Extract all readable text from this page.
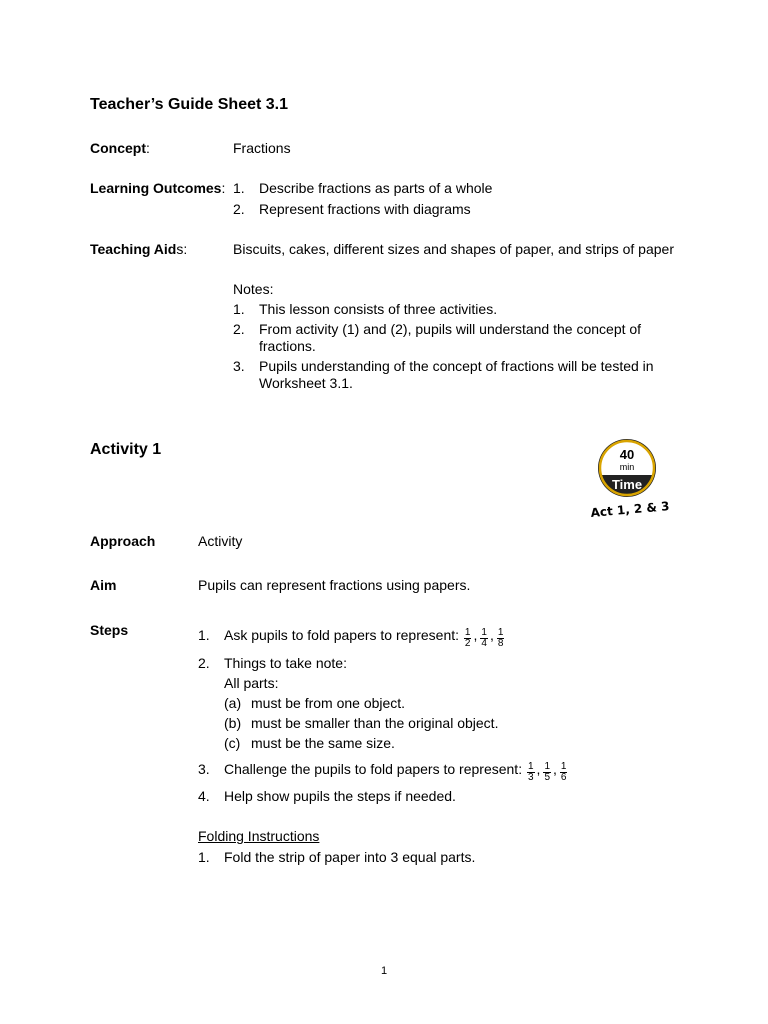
Teacher’s Guide Sheet 3.1
Concept:	Fractions
Learning Outcomes: 1. Describe fractions as parts of a whole
2. Represent fractions with diagrams
Teaching Aids:	Biscuits, cakes, different sizes and shapes of paper, and strips of paper
Notes:
1. This lesson consists of three activities.
2. From activity (1) and (2), pupils will understand the concept of
fractions.
3. Pupils understanding of the concept of fractions will be tested in
Worksheet 3.1.
Activity 1	40
min
Time
Act 1, 2 & 3
Approach	Activity
Aim	Pupils can represent fractions using papers.
Steps	1. Ask pupils to fold papers to represent: $\frac{1}{2}$ , $\frac{1}{4}$ , $\frac{1}{8}$
2. Things to take note:
All parts:
(a) must be from one object.
(b) must be smaller than the original object.
(c) must be the same size.
3. Challenge the pupils to fold papers to represent: $\frac{1}{3}$ , $\frac{1}{5}$ , $\frac{1}{6}$
4. Help show pupils the steps if needed.
Folding Instructions
1. Fold the strip of paper into 3 equal parts.
1
